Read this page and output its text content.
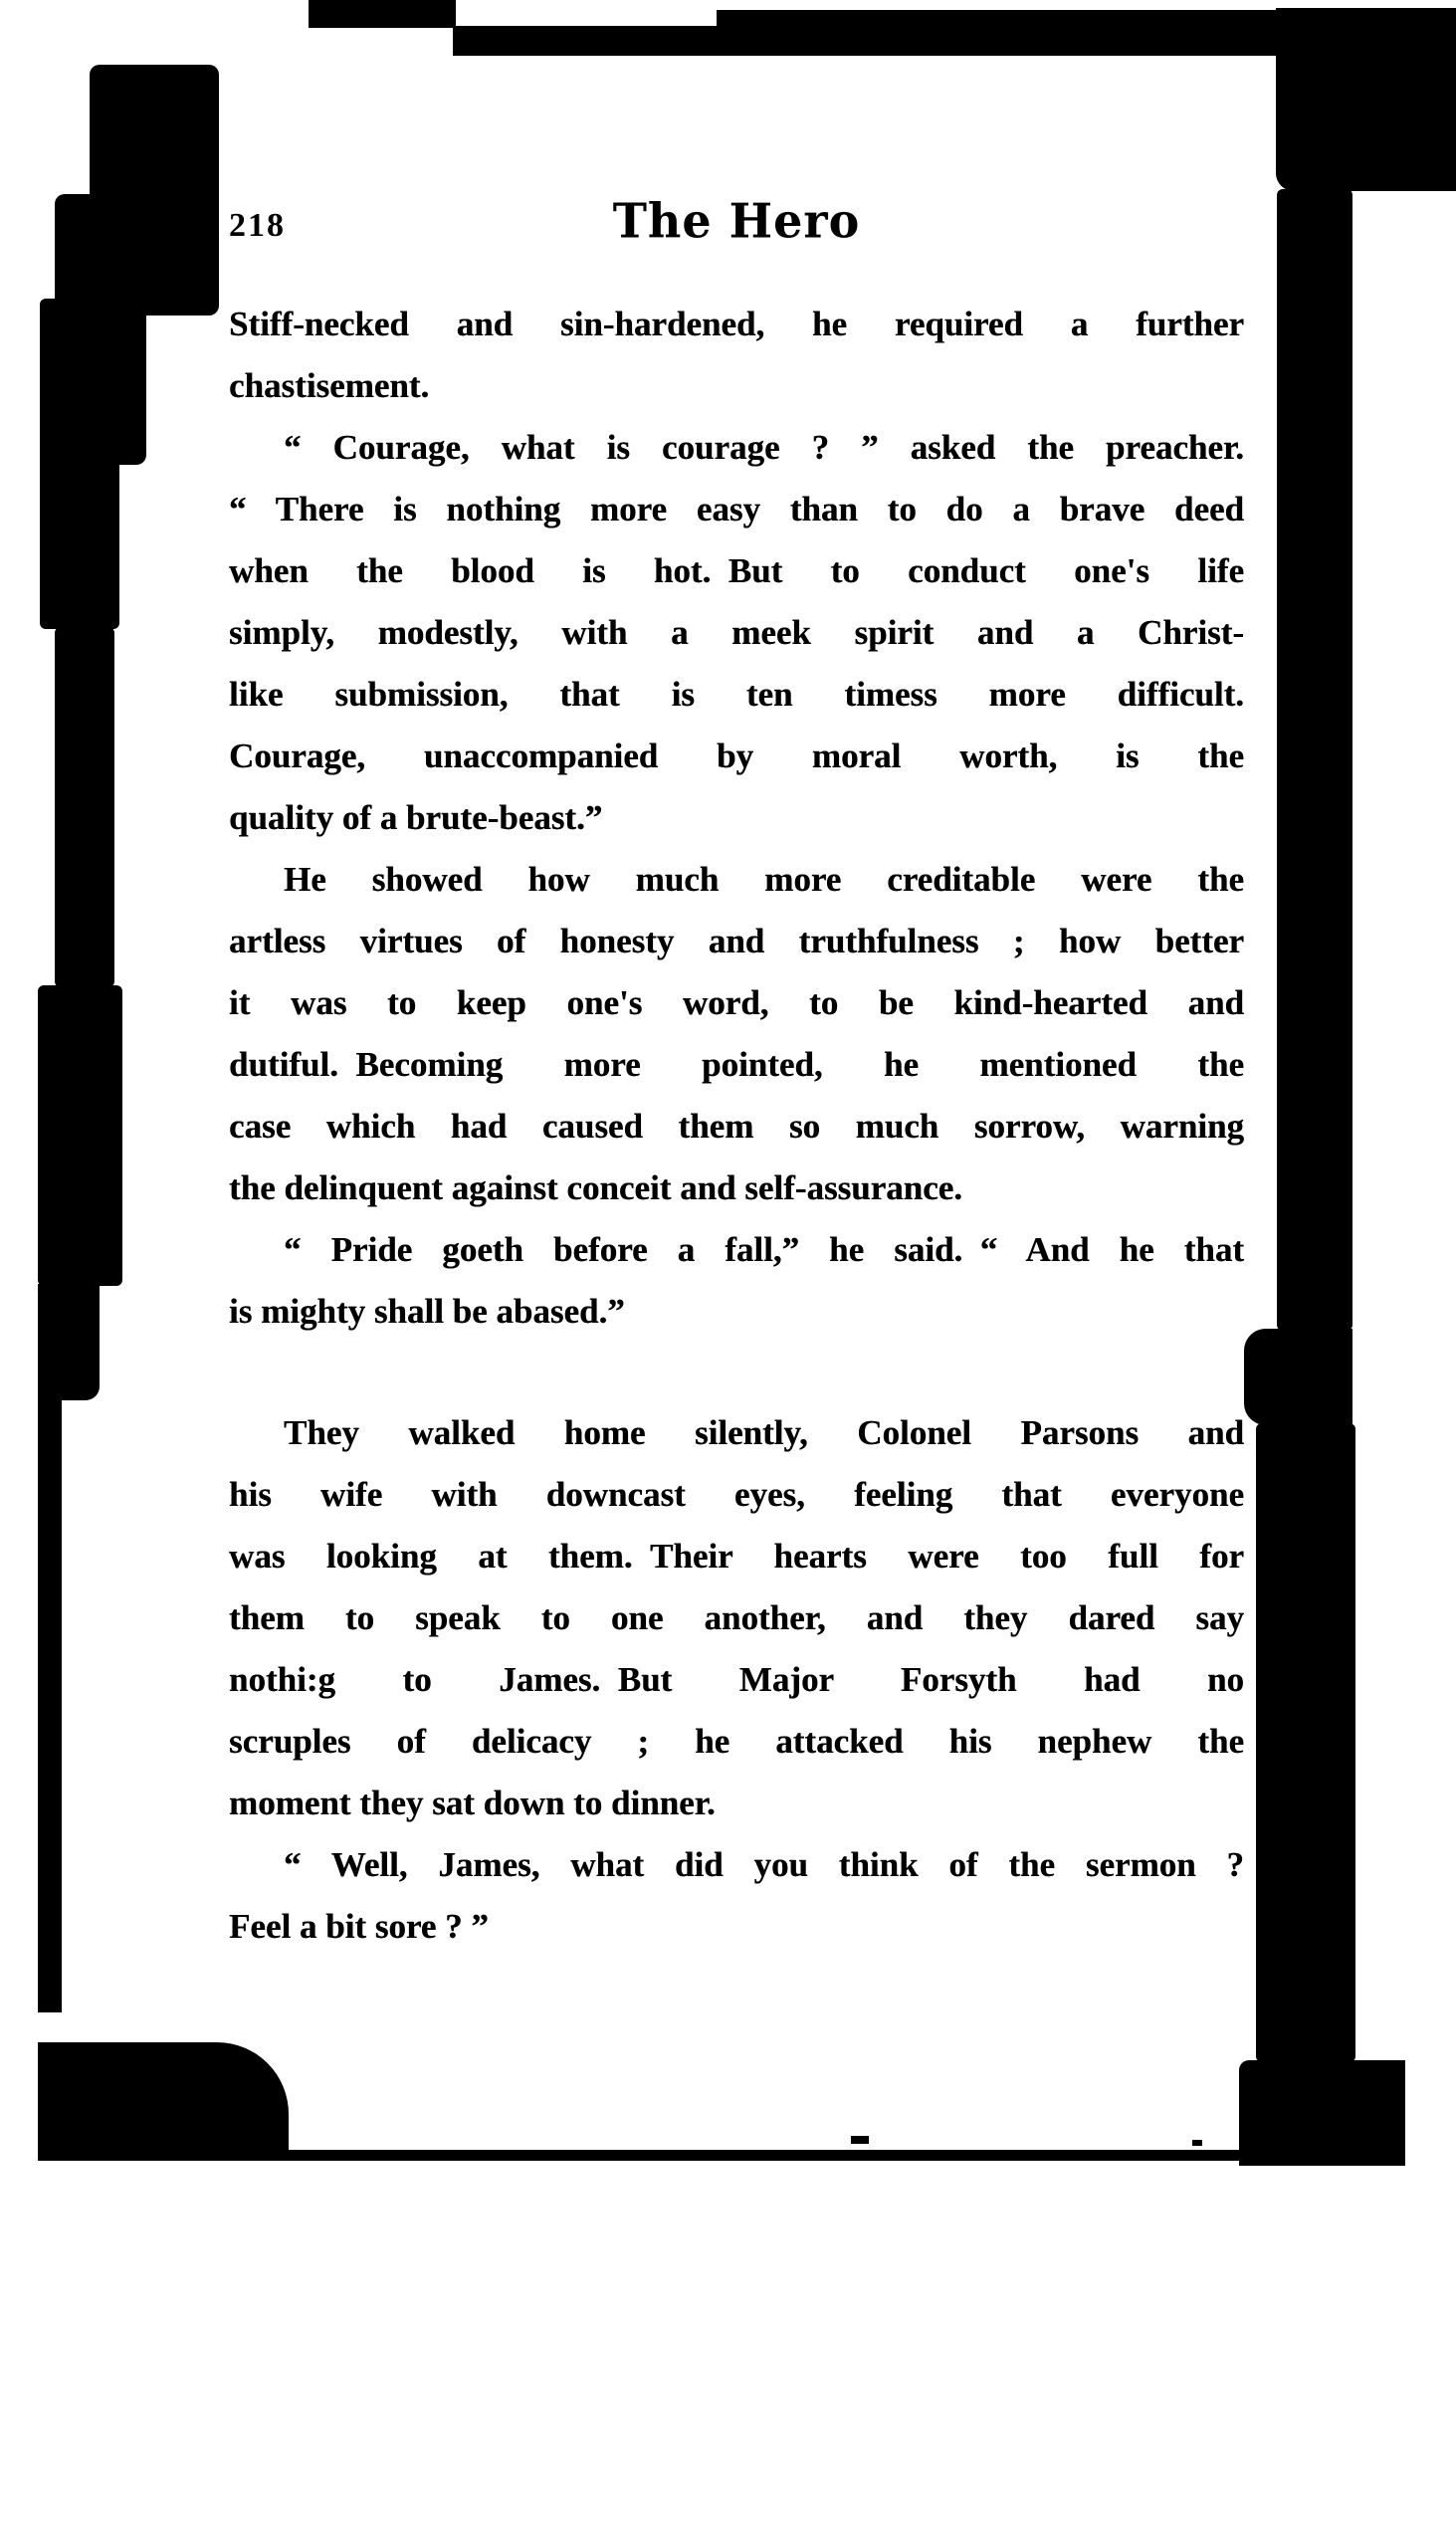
218	The Hero
Stiff-necked and sin-hardened, he required a further
chastisement.
“ Courage, what is courage ? ” asked the preacher.
“ There is nothing more easy than to do a brave deed
when the blood is hot. But to conduct one's life
simply, modestly, with a meek spirit and a Christ-
like submission, that is ten timess more difficult.
Courage, unaccompanied by moral worth, is the
quality of a brute-beast.”
He showed how much more creditable were the
artless virtues of honesty and truthfulness ; how better
it was to keep one's word, to be kind-hearted and
dutiful. Becoming more pointed, he mentioned the
case which had caused them so much sorrow, warning
the delinquent against conceit and self-assurance.
“ Pride goeth before a fall,” he said. “ And he that
is mighty shall be abased.”
They walked home silently, Colonel Parsons and
his wife with downcast eyes, feeling that everyone
was looking at them. Their hearts were too full for
them to speak to one another, and they dared say
nothi:g to James. But Major Forsyth had no
scruples of delicacy ; he attacked his nephew the
moment they sat down to dinner.
“ Well, James, what did you think of the sermon ?
Feel a bit sore ? ”
